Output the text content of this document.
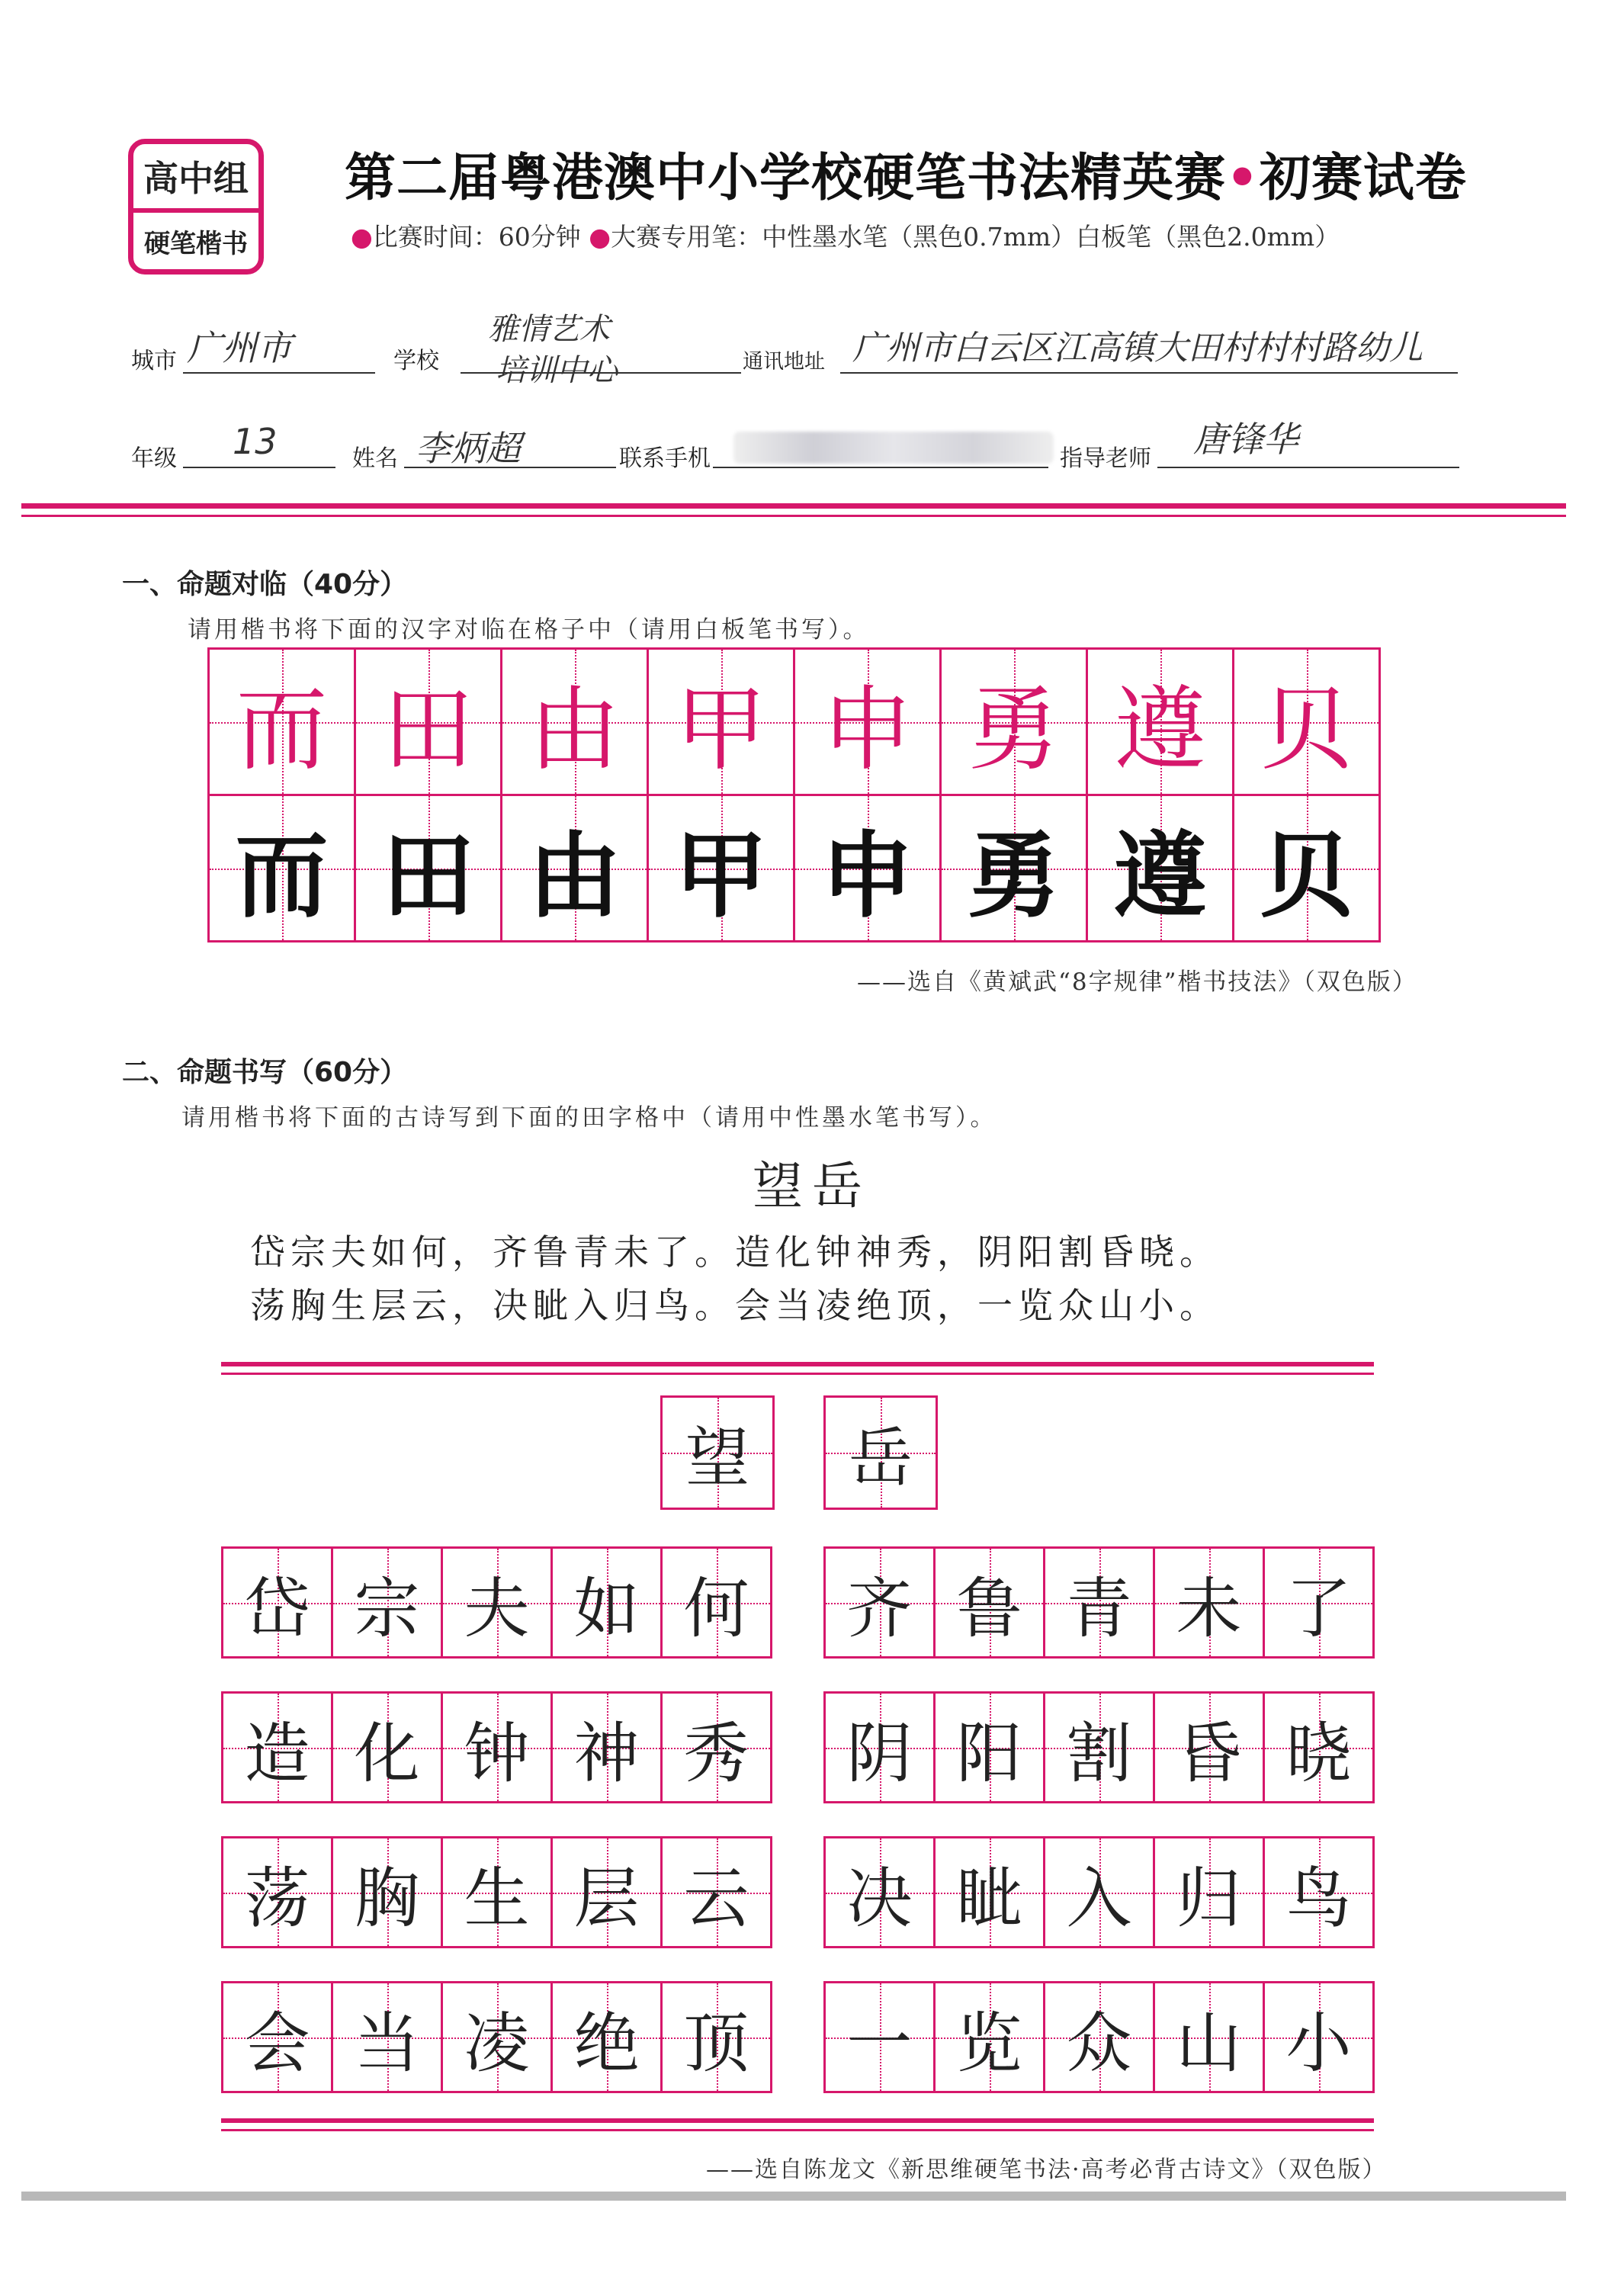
高中组
硬笔楷书
第二届粤港澳中小学校硬笔书法精英赛•初赛试卷
●比赛时间：60分钟 ●大赛专用笔：中性墨水笔（黑色0.7mm）白板笔（黑色2.0mm）
城市 广州市	学校
雅情艺术
培训中心	通讯地址 广州市白云区江高镇大田村村村路幼儿
年级 13	姓名 李炳超	联系手机	指导老师 唐锋华
一、命题对临（40分）
请用楷书将下面的汉字对临在格子中（请用白板笔书写）。
——选自《黄斌武“8字规律”楷书技法》（双色版）
二、命题书写（60分）
请用楷书将下面的古诗写到下面的田字格中（请用中性墨水笔书写）。
望岳
岱宗夫如何，齐鲁青未了。造化钟神秀，阴阳割昏晓。
荡胸生层云，决眦入归鸟。会当凌绝顶，一览众山小。
——选自陈龙文《新思维硬笔书法·高考必背古诗文》（双色版）
而 田 由 甲 申 勇 遵 贝
而 田 由 甲 申 勇 遵 贝
望	岳
岱 宗 夫 如 何	齐 鲁 青 未 了
造 化 钟 神 秀	阴 阳 割 昏 晓
荡 胸 生 层 云	决 眦 入 归 鸟
会 当 凌 绝 顶	一 览 众 山 小
